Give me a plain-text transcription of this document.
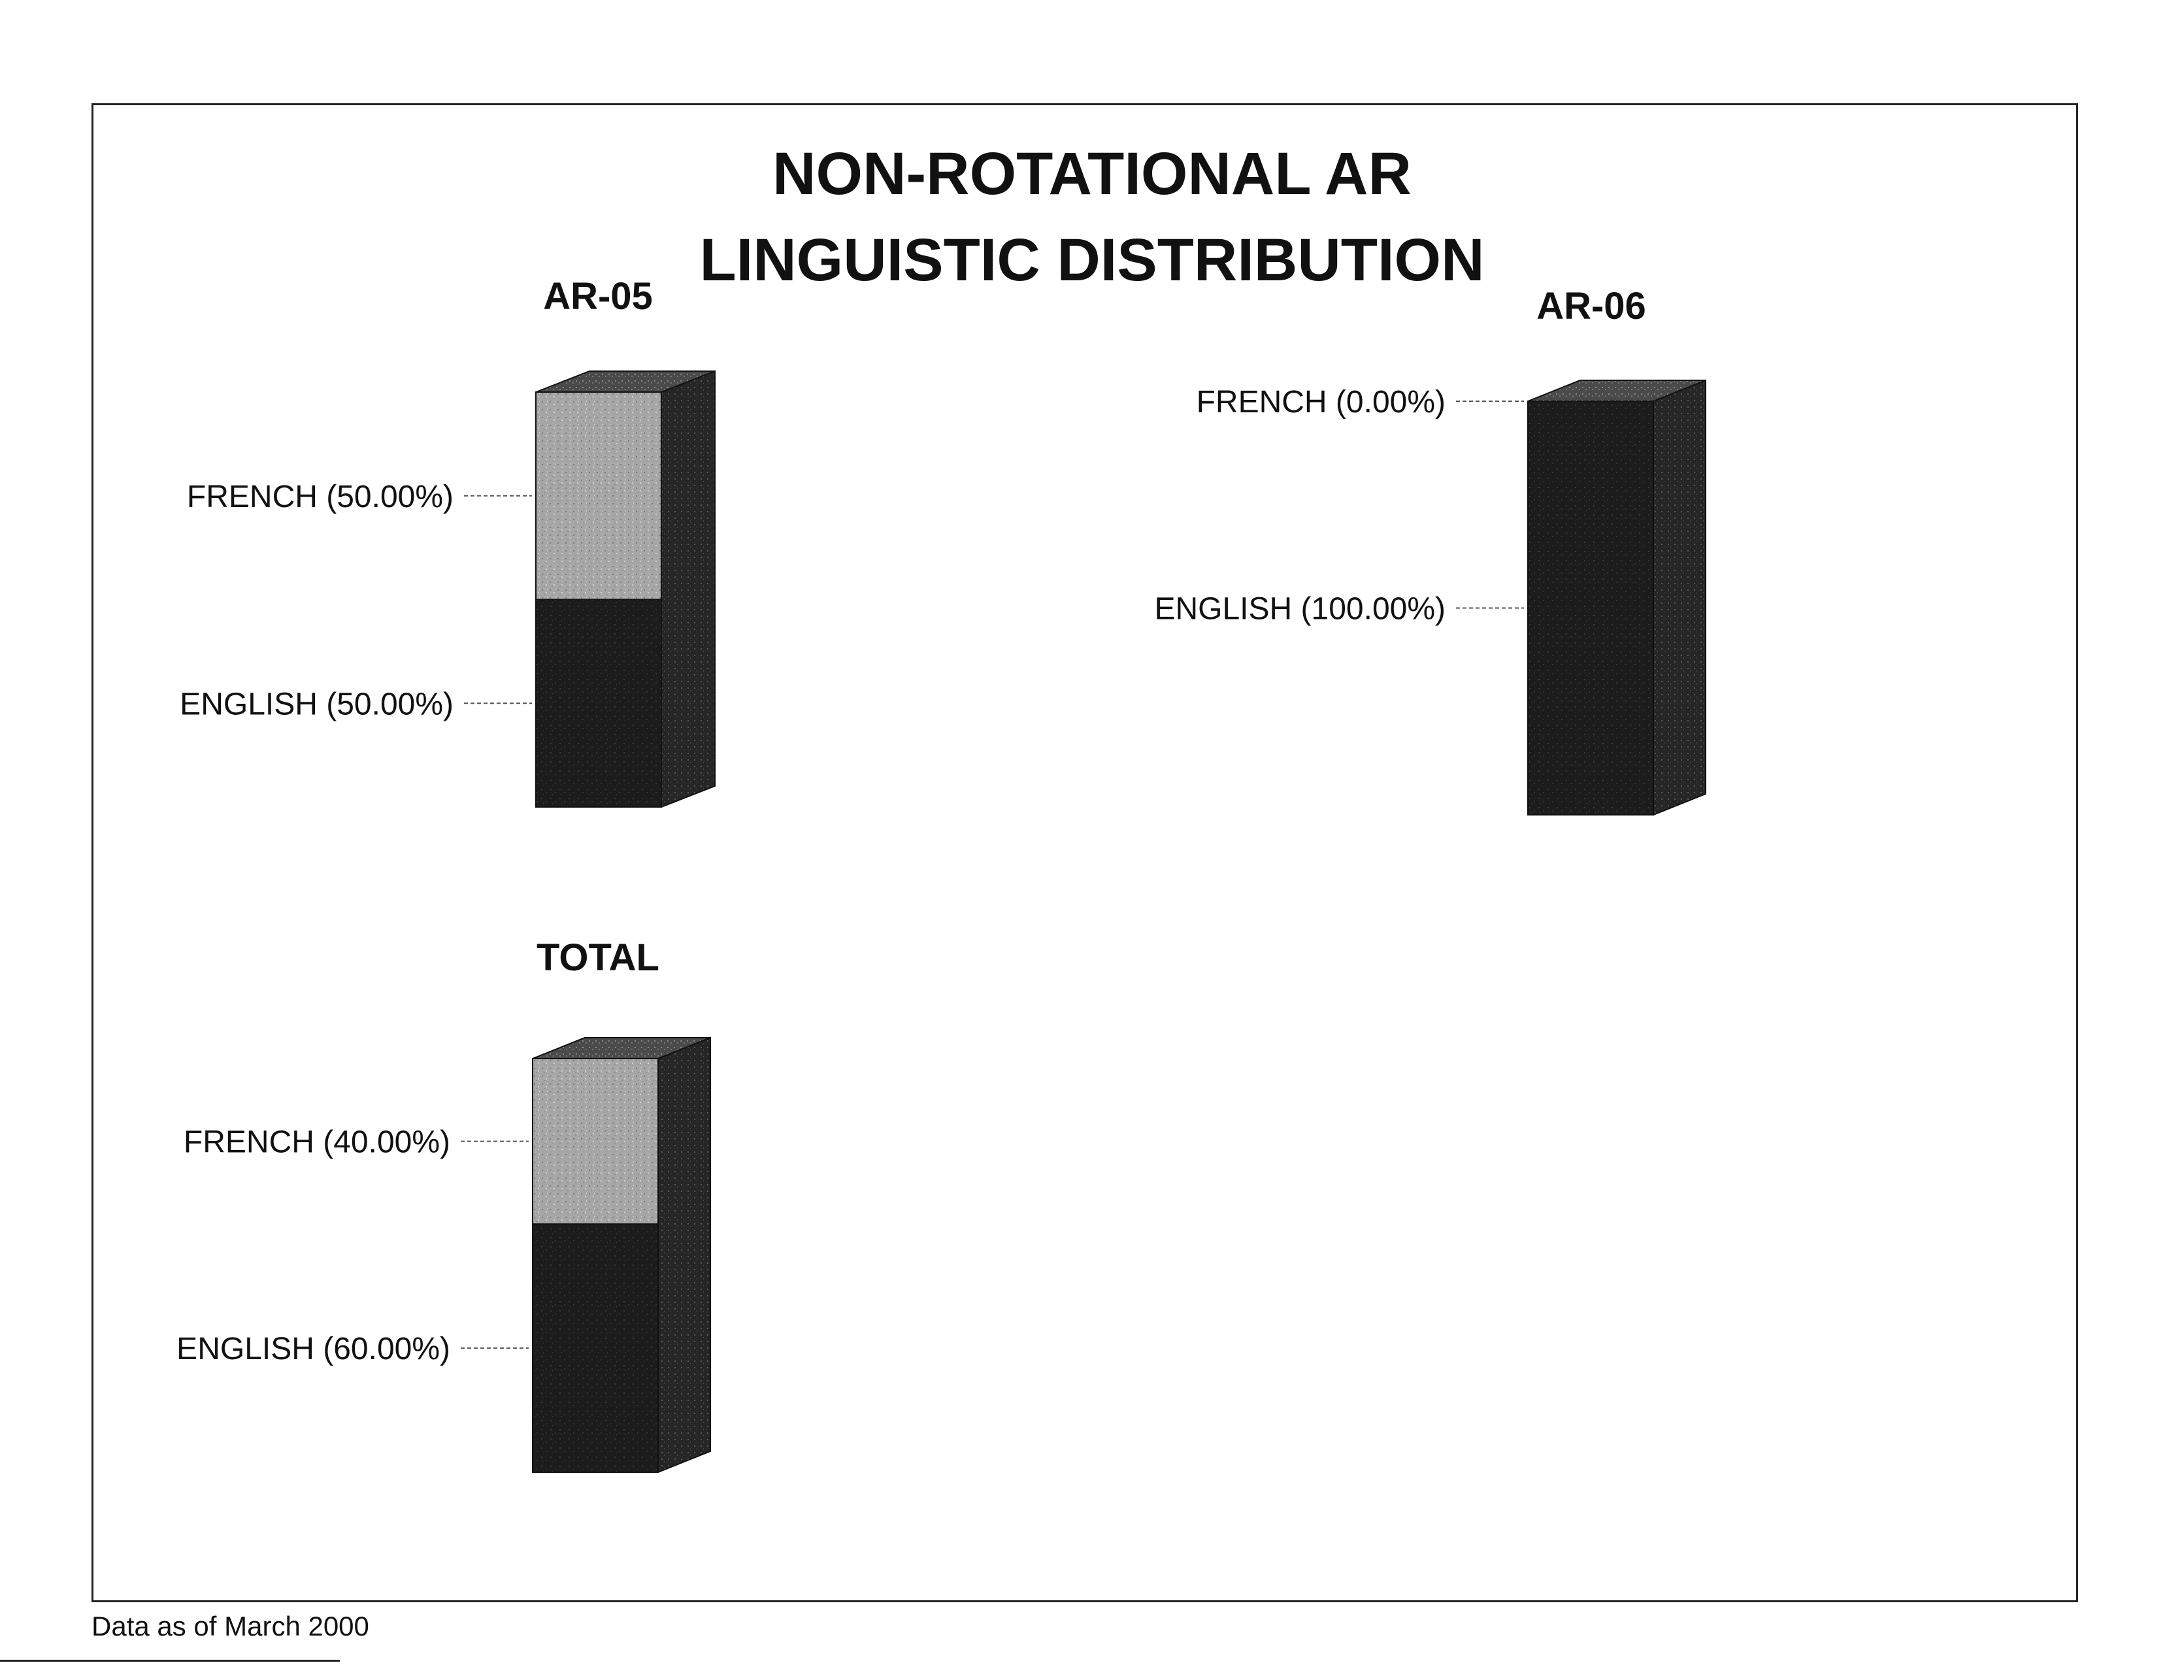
NON-ROTATIONAL AR
LINGUISTIC DISTRIBUTION
AR-05	AR-06
TOTAL
ENGLISH (50.00%)
FRENCH (50.00%)
ENGLISH (100.00%)
FRENCH (0.00%)
ENGLISH (60.00%)
FRENCH (40.00%)
Data as of March 2000
